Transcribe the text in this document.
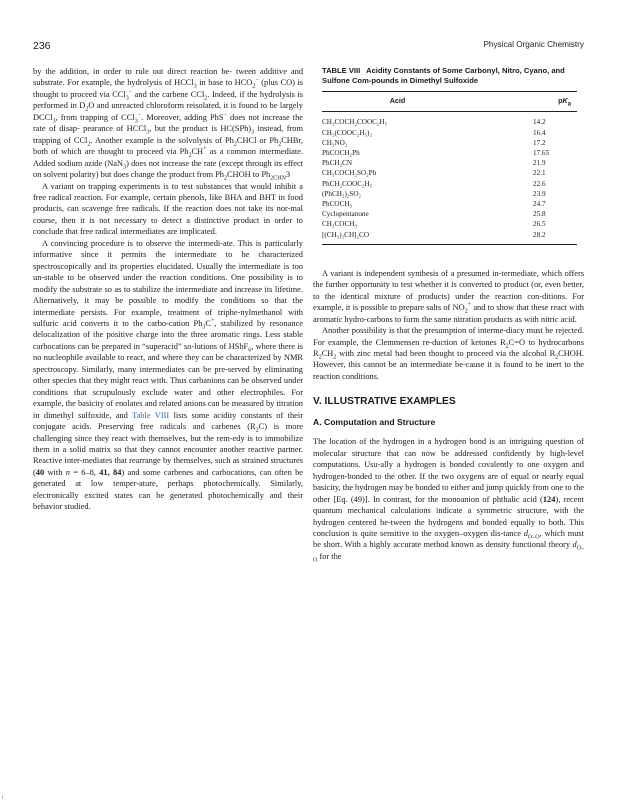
236	Physical Organic Chemistry

by the addition, in order to rule out direct reaction be- tween additive and substrate. For example, the hydrolysis of HCCl$_3$ in base to $HCO_2^-$ (plus CO) is thought to proceed via CCl$_3$− and the carbene CCl$_2$. Indeed, if the hydrolysis is performed in $D_2O$ and unreacted chloroform reisolated, it is found to be largely DCCl$_3$, from trapping of CCl$_3$−. Moreover, adding PhS− does not increase the rate of disap- pearance of HCCl$_3$, but the product is $HC(SPh)_3$ instead, from trapping of CCl$_2$. Another example is the solvolysis of $Ph_2CHCl$ or $Ph_2CHBr$, both of which are thought to proceed via $Ph_2CH^+$ as a common intermediate. Added sodium azide (NaN$_3$) does not increase the rate (except through its effect on solvent polarity) but does change the product from $Ph_2CHOH$ to $Ph_{2CHN}3$

A variant on trapping experiments is to test substances that would inhibit a free radical reaction. For example, certain phenols, like BHA and BHT in food products, can scavenge free radicals. If the reaction does not take its nor-mal course, then it is not necessary to detect a distinctive product in order to conclude that free radical intermediates are implicated.

A convincing procedure is to observe the intermedi-ate. This is particularly informative since it permits the intermediate to be characterized spectroscopically and its properties elucidated. Usually the intermediate is too un-stable to be observed under the reaction conditions. One possibility is to modify the substrate so as to stabilize the intermediate and increase its lifetime. Alternatively, it may be possible to modify the conditions so that the intermediate persists. For example, treatment of triphe-nylmethanol with sulfuric acid converts it to the carbo-cation $Ph_3C^+$, stabilized by resonance delocalization of the positive charge into the three aromatic rings. Less stable carbocations can be prepared in “superacid” so-lutions of HSbF$_6$, where there is no nucleophile available to react, and where they can be characterized by NMR spectroscopy. Similarly, many intermediates can be pre-served by eliminating other species that they might react with. Thus carbanions can be observed under conditions that scrupulously exclude water and other electrophiles. For example, the basicity of enolates and related anions can be measured by titration in dimethyl sulfoxide, and Table VIII lists some acidity constants of their conjugate acids. Preserving free radicals and carbenes $(R_2C)$ is more challenging since they react with themselves, but the rem-edy is to immobilize them in a solid matrix so that they cannot encounter another reactive partner. Reactive inter-mediates that rearrange by themselves, such as strained structures (40 with n = 6–8, 41, 84) and some carbenes and carbocations, can often be generated at low temper-ature, perhaps photochemically. Similarly, electronically excited states can be generated photochemically and their behavior studied.

TABLE VIII Acidity Constants of Some Carbonyl, Nitro, Cyano, and Sulfone Com-pounds in Dimethyl Sulfoxide
Acid	$pK_a$
CH₃COCH₂COOC₂H₅	14.2
CH₂(COOC₂H₅)₂	16.4
CH₃NO₂	17.2
PhCOCH₂Ph	17.65
PhCH₂CN	21.9
CH₃COCH₂SO₂Ph	22.1
PhCH₂COOC₂H₅	22.6
(PhCH₂)₂SO₂	23.9
PhCOCH₃	24.7
Cyclopentanone	25.8
CH₃COCH₃	26.5
[(CH₃)₂CH]₂CO	28.2

A variant is independent synthesis of a presumed in-termediate, which offers the further opportunity to test whether it is converted to product (or, even better, to the identical mixture of products) under the reaction con-ditions. For example, it is possible to prepare salts of $NO_2^+$ and to show that these react with aromatic hydro-carbons to form the same nitration products as with nitric acid.

Another possibility is that the presumption of interme-diacy must be rejected. For example, the Clemmensen re-duction of ketones $R_2C=O$ to hydrocarbons $R_2CH_2$ with zinc metal had been thought to proceed via the alcohol $R_2CHOH$. However, this cannot be an intermediate be-cause it is found to be inert to the reaction conditions.

V. ILLUSTRATIVE EXAMPLES
A. Computation and Structure

The location of the hydrogen in a hydrogen bond is an intriguing question of molecular structure that can now be addressed confidently by high-level computations. Usu-ally a hydrogen is bonded covalently to one oxygen and hydrogen-bonded to the other. If the two oxygens are of equal or nearly equal basicity, the hydrogen may be bonded to either and jump quickly from one to the other [Eq. (49)]. In contrast, for the monoanion of phthalic acid (124), recent quantum mechanical calculations indicate a symmetric structure, with the hydrogen centered be-tween the hydrogens and bonded equally to both. This conclusion is quite sensitive to the oxygen–oxygen dis-tance $d_{O-O}$, which must be short. With a highly accurate method known as density functional theory $d_{O-O}$ for the
